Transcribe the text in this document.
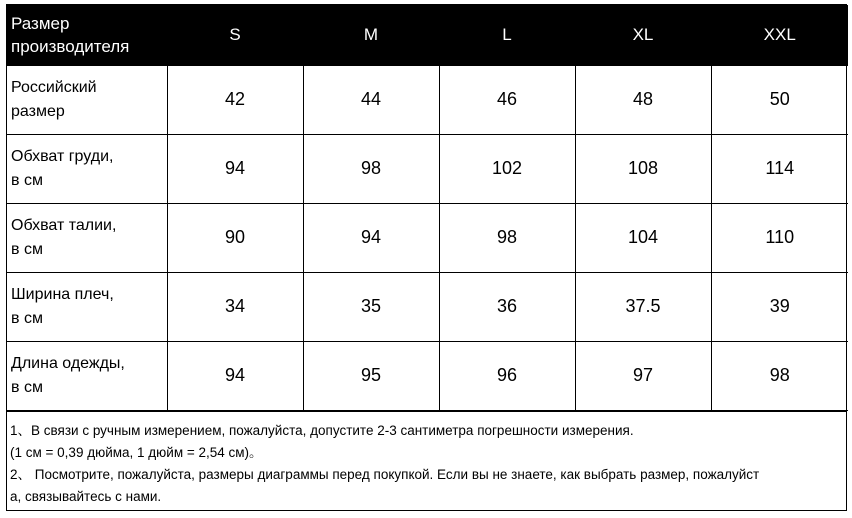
Размер
производителя	S	M	L	XL	XXL

Российский
размер	42	44	46	48	50

Обхват груди,
в см	94	98	102	108	114

Обхват талии,
в см	90	94	98	104	110

Ширина плеч,
в см	34	35	36	37.5	39

Длина одежды,
в см	94	95	96	97	98

1、В связи с ручным измерением, пожалуйста, допустите 2-3 сантиметра погрешности измерения.

(1 см = 0,39 дюйма, 1 дюйм = 2,54 см)。

2、 Посмотрите, пожалуйста, размеры диаграммы перед покупкой. Если вы не знаете, как выбрать размер, пожалуйст

а, связывайтесь с нами.
